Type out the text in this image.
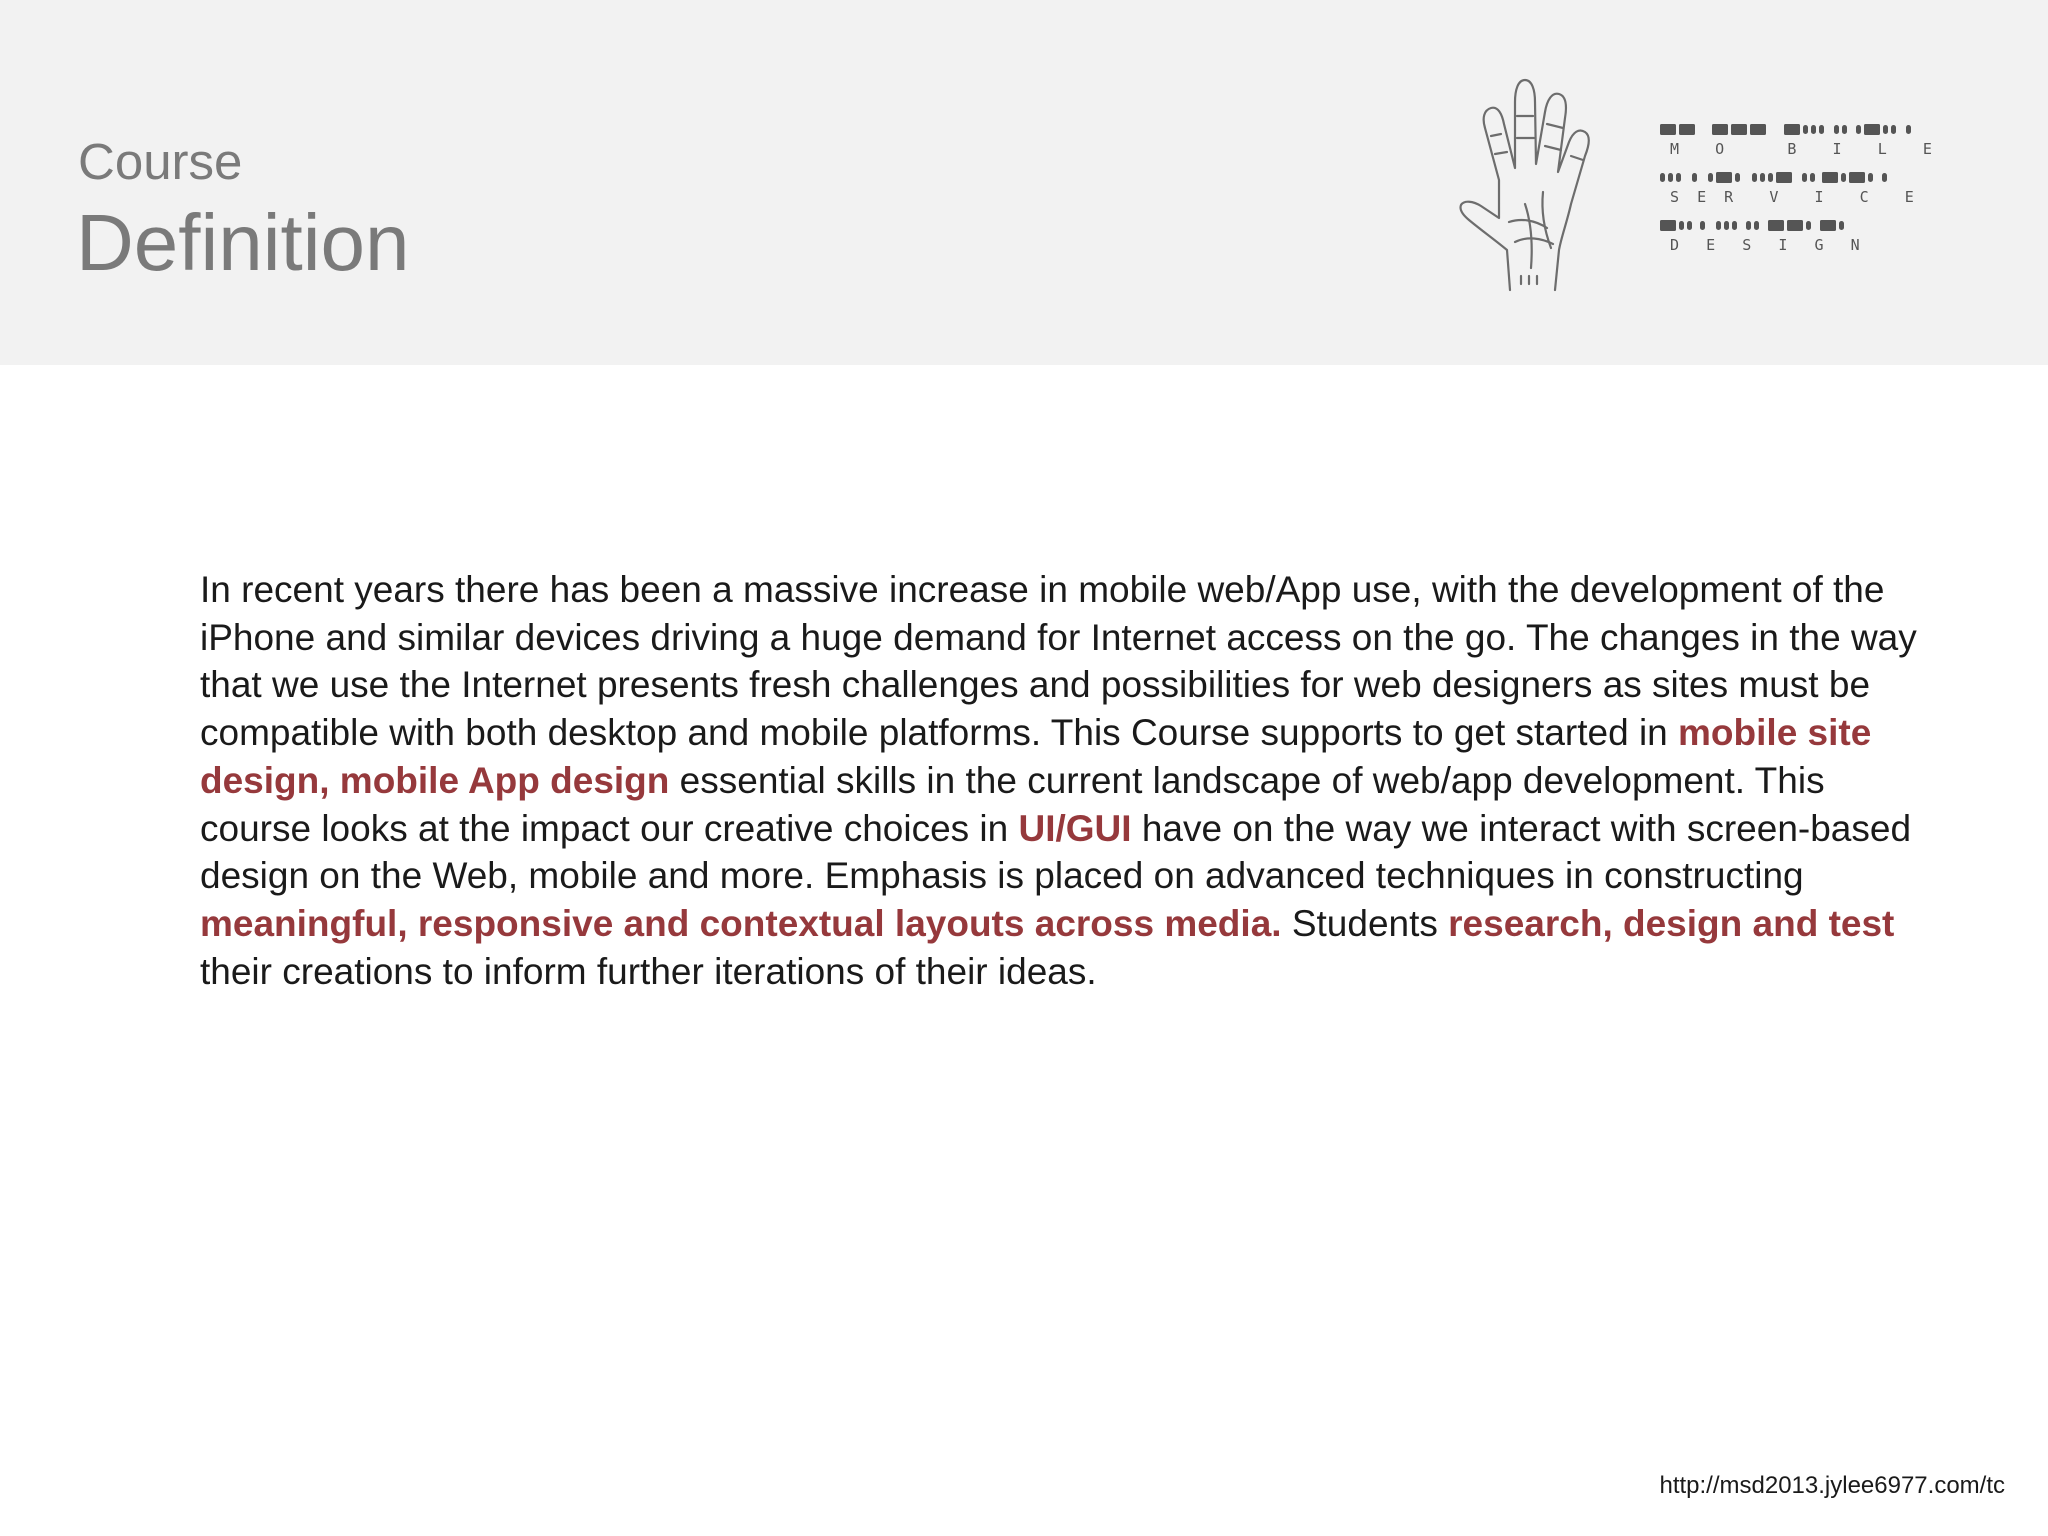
Course
Definition
M    O       B    I    L    E
S  E  R    V    I    C    E
D   E   S   I   G   N
In recent years there has been a massive increase in mobile web/App use, with the development of the iPhone and similar devices driving a huge demand for Internet access on the go. The changes in the way that we use the Internet presents fresh challenges and possibilities for web designers as sites must be compatible with both desktop and mobile platforms. This Course supports to get started in mobile site design, mobile App design essential skills in the current landscape of web/app development. This course looks at the impact our creative choices in UI/GUI have on the way we interact with screen-based design on the Web, mobile and more. Emphasis is placed on advanced techniques in constructing meaningful, responsive and contextual layouts across media. Students research, design and test their creations to inform further iterations of their ideas.
http://msd2013.jylee6977.com/tc
